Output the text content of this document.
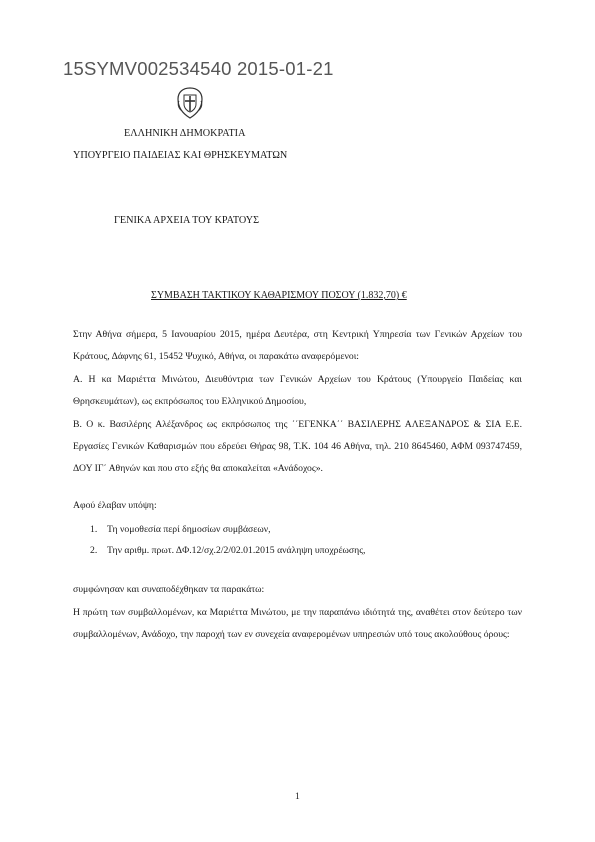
15SYMV002534540 2015-01-21
ΕΛΛΗΝΙΚΗ ΔΗΜΟΚΡΑΤΙΑ
ΥΠΟΥΡΓΕΙΟ ΠΑΙΔΕΙΑΣ ΚΑΙ ΘΡΗΣΚΕΥΜΑΤΩΝ
ΓΕΝΙΚΑ ΑΡΧΕΙΑ ΤΟΥ ΚΡΑΤΟΥΣ
ΣΥΜΒΑΣΗ ΤΑΚΤΙΚΟΥ ΚΑΘΑΡΙΣΜΟΥ ΠΟΣΟΥ (1.832,70) €
Στην Αθήνα σήμερα, 5 Ιανουαρίου 2015, ημέρα Δευτέρα, στη Κεντρική Υπηρεσία των Γενικών Αρχείων του Κράτους, Δάφνης 61, 15452 Ψυχικό, Αθήνα, οι παρακάτω αναφερόμενοι:
Α. Η κα Μαριέττα Μινώτου, Διευθύντρια των Γενικών Αρχείων του Κράτους (Υπουργείο Παιδείας και Θρησκευμάτων), ως εκπρόσωπος του Ελληνικού Δημοσίου,
Β. Ο κ. Βασιλέρης Αλέξανδρος ως εκπρόσωπος της ΄΄ΕΓΕΝΚΑ΄΄ ΒΑΣΙΛΕΡΗΣ ΑΛΕΞΑΝΔΡΟΣ & ΣΙΑ Ε.Ε. Εργασίες Γενικών Καθαρισμών που εδρεύει Θήρας 98, Τ.Κ. 104 46 Αθήνα, τηλ. 210 8645460, ΑΦΜ 093747459, ΔΟΥ ΙΓ΄ Αθηνών και που στο εξής θα αποκαλείται «Ανάδοχος».
Αφού έλαβαν υπόψη:
1. Τη νομοθεσία περί δημοσίων συμβάσεων,
2. Την αριθμ. πρωτ. ΔΦ.12/σχ.2/2/02.01.2015 ανάληψη υποχρέωσης,
συμφώνησαν και συναποδέχθηκαν τα παρακάτω:
Η πρώτη των συμβαλλομένων, κα Μαριέττα Μινώτου, με την παραπάνω ιδιότητά της, αναθέτει στον δεύτερο των συμβαλλομένων, Ανάδοχο, την παροχή των εν συνεχεία αναφερομένων υπηρεσιών υπό τους ακολούθους όρους:
1
